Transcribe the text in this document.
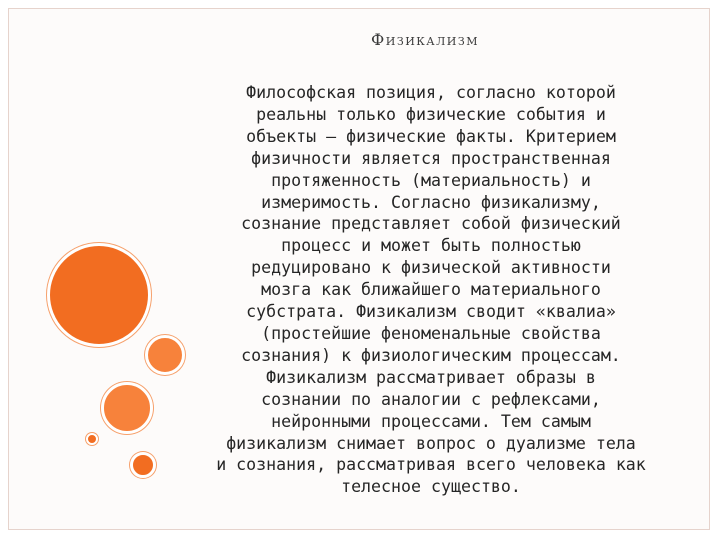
Физикализм
Философская позиция, согласно которой
реальны только физические события и
объекты — физические факты. Критерием
физичности является пространственная
протяженность (материальность) и
измеримость. Согласно физикализму,
сознание представляет собой физический
процесс и может быть полностью
редуцировано к физической активности
мозга как ближайшего материального
субстрата. Физикализм сводит «квалиа»
(простейшие феноменальные свойства
сознания) к физиологическим процессам.
Физикализм рассматривает образы в
сознании по аналогии с рефлексами,
нейронными процессами. Тем самым
физикализм снимает вопрос о дуализме тела
и сознания, рассматривая всего человека как
телесное существо.
